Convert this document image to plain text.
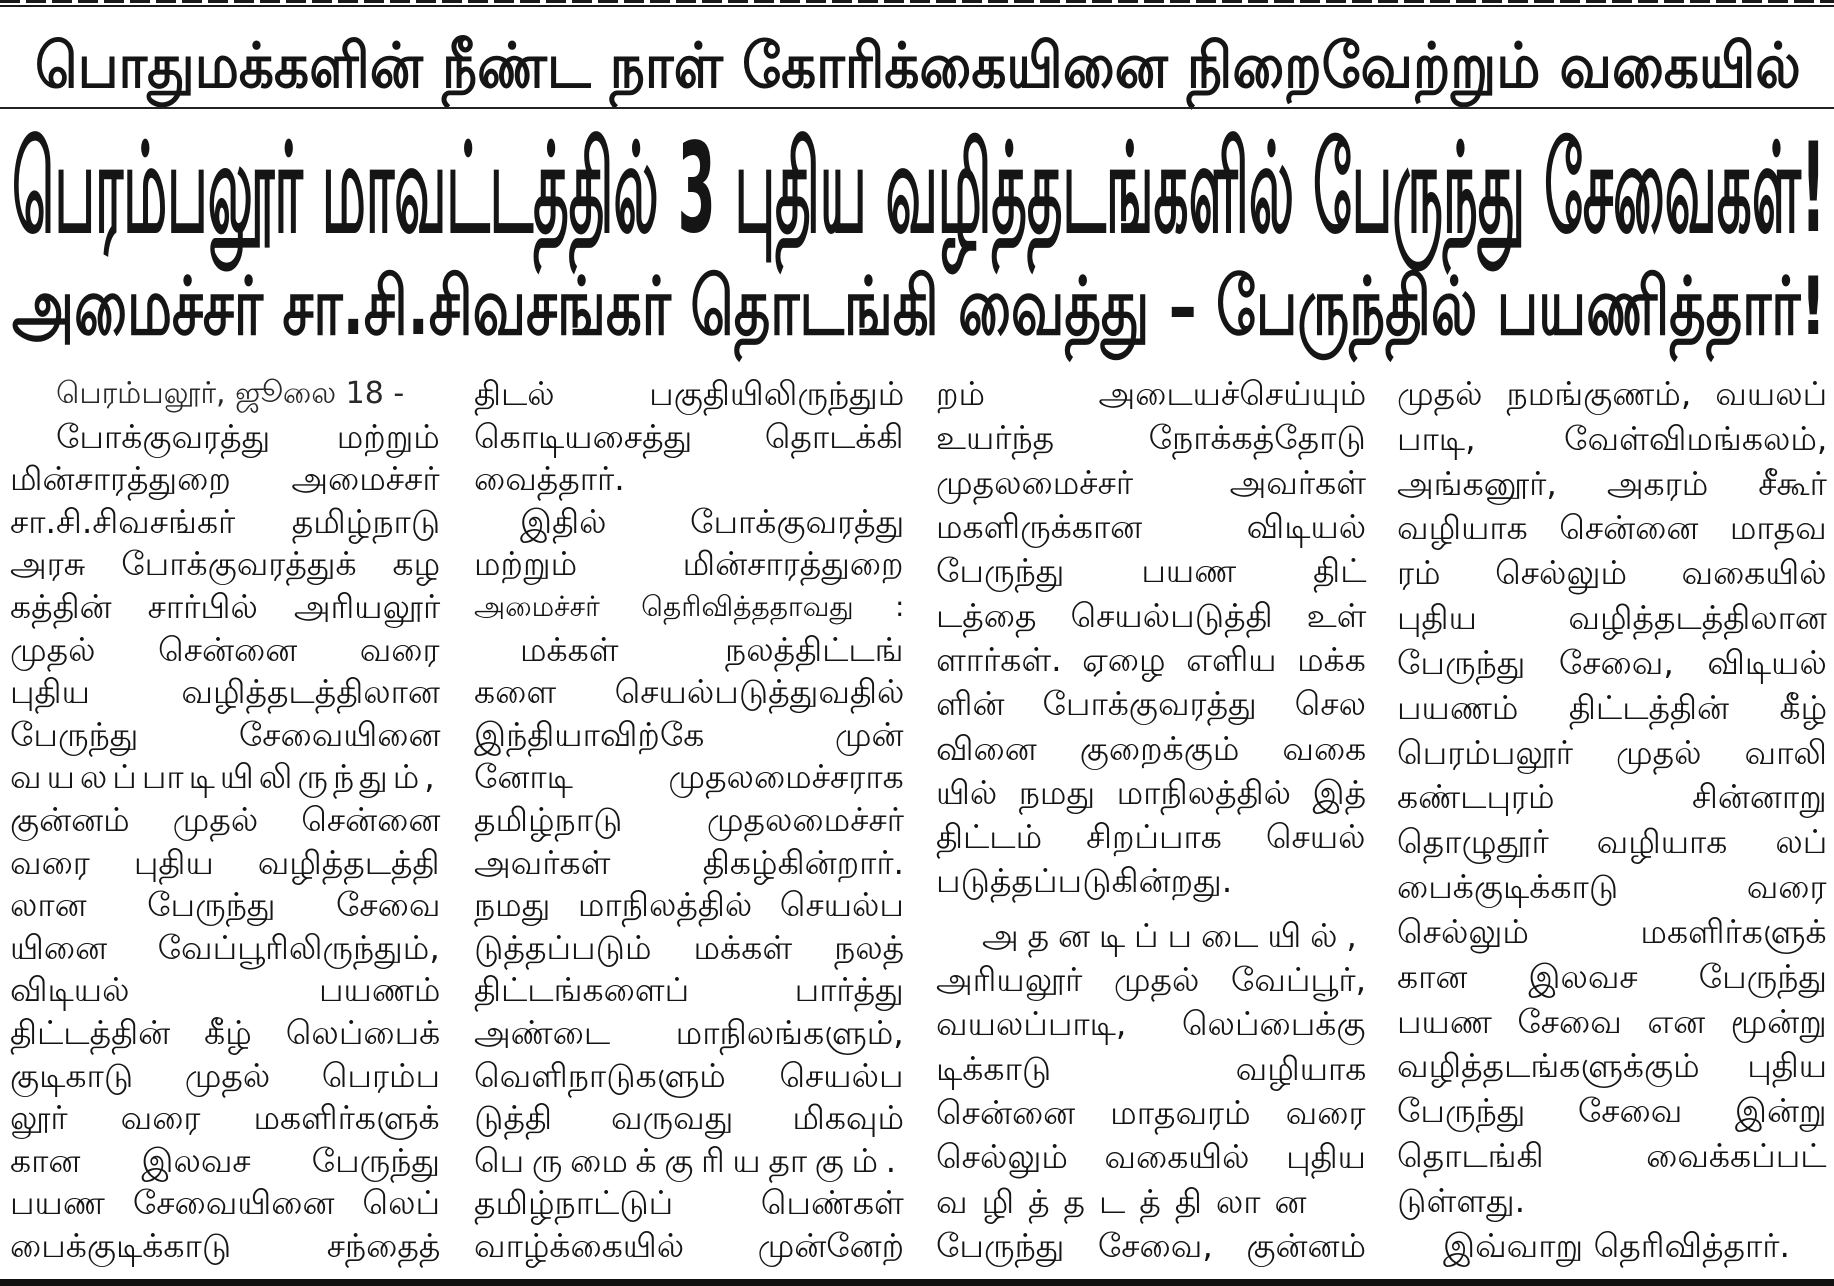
பொதுமக்களின் நீண்ட நாள் கோரிக்கையினை நிறைவேற்றும் வகையில்
பெரம்பலூர் மாவட்டத்தில் 3 புதிய வழித்தடங்களில் பேருந்து சேவைகள்!
அமைச்சர் சா.சி.சிவசங்கர் தொடங்கி வைத்து – பேருந்தில் பயணித்தார்!
பெரம்பலூர், ஜூலை 18 -
போக்குவரத்து மற்றும்
மின்சாரத்துறை அமைச்சர்
சா.சி.சிவசங்கர் தமிழ்நாடு
அரசு போக்குவரத்துக் கழ
கத்தின் சார்பில் அரியலூர்
முதல் சென்னை வரை
புதிய வழித்தடத்திலான
பேருந்து சேவையினை
வயலப்பாடியிலிருந்தும்,
குன்னம் முதல் சென்னை
வரை புதிய வழித்தடத்தி
லான பேருந்து சேவை
யினை வேப்பூரிலிருந்தும்,
விடியல் பயணம்
திட்டத்தின் கீழ் லெப்பைக்
குடிகாடு முதல் பெரம்ப
லூர் வரை மகளிர்களுக்
கான இலவச பேருந்து
பயண சேவையினை லெப்
பைக்குடிக்காடு சந்தைத்
திடல் பகுதியிலிருந்தும்
கொடியசைத்து தொடக்கி
வைத்தார்.
இதில் போக்குவரத்து
மற்றும் மின்சாரத்துறை
அமைச்சர் தெரிவித்ததாவது :
மக்கள் நலத்திட்டங்
களை செயல்படுத்துவதில்
இந்தியாவிற்கே முன்
னோடி முதலமைச்சராக
தமிழ்நாடு முதலமைச்சர்
அவர்கள் திகழ்கின்றார்.
நமது மாநிலத்தில் செயல்ப
டுத்தப்படும் மக்கள் நலத்
திட்டங்களைப் பார்த்து
அண்டை மாநிலங்களும்,
வெளிநாடுகளும் செயல்ப
டுத்தி வருவது மிகவும்
பெருமைக்குரியதாகும்.
தமிழ்நாட்டுப் பெண்கள்
வாழ்க்கையில் முன்னேற்
றம் அடையச்செய்யும்
உயர்ந்த நோக்கத்தோடு
முதலமைச்சர் அவர்கள்
மகளிருக்கான விடியல்
பேருந்து பயண திட்
டத்தை செயல்படுத்தி உள்
ளார்கள். ஏழை எளிய மக்க
ளின் போக்குவரத்து செல
வினை குறைக்கும் வகை
யில் நமது மாநிலத்தில் இத்
திட்டம் சிறப்பாக செயல்
படுத்தப்படுகின்றது.
அதனடிப்படையில்,
அரியலூர் முதல் வேப்பூர்,
வயலப்பாடி, லெப்பைக்கு
டிக்காடு வழியாக
சென்னை மாதவரம் வரை
செல்லும் வகையில் புதிய
வழித்தடத்திலான
பேருந்து சேவை, குன்னம்
முதல் நமங்குணம், வயலப்
பாடி, வேள்விமங்கலம்,
அங்கனூர், அகரம் சீகூர்
வழியாக சென்னை மாதவ
ரம் செல்லும் வகையில்
புதிய வழித்தடத்திலான
பேருந்து சேவை, விடியல்
பயணம் திட்டத்தின் கீழ்
பெரம்பலூர் முதல் வாலி
கண்டபுரம் சின்னாறு
தொழுதூர் வழியாக லப்
பைக்குடிக்காடு வரை
செல்லும் மகளிர்களுக்
கான இலவச பேருந்து
பயண சேவை என மூன்று
வழித்தடங்களுக்கும் புதிய
பேருந்து சேவை இன்று
தொடங்கி வைக்கப்பட்
டுள்ளது.
இவ்வாறு தெரிவித்தார்.
